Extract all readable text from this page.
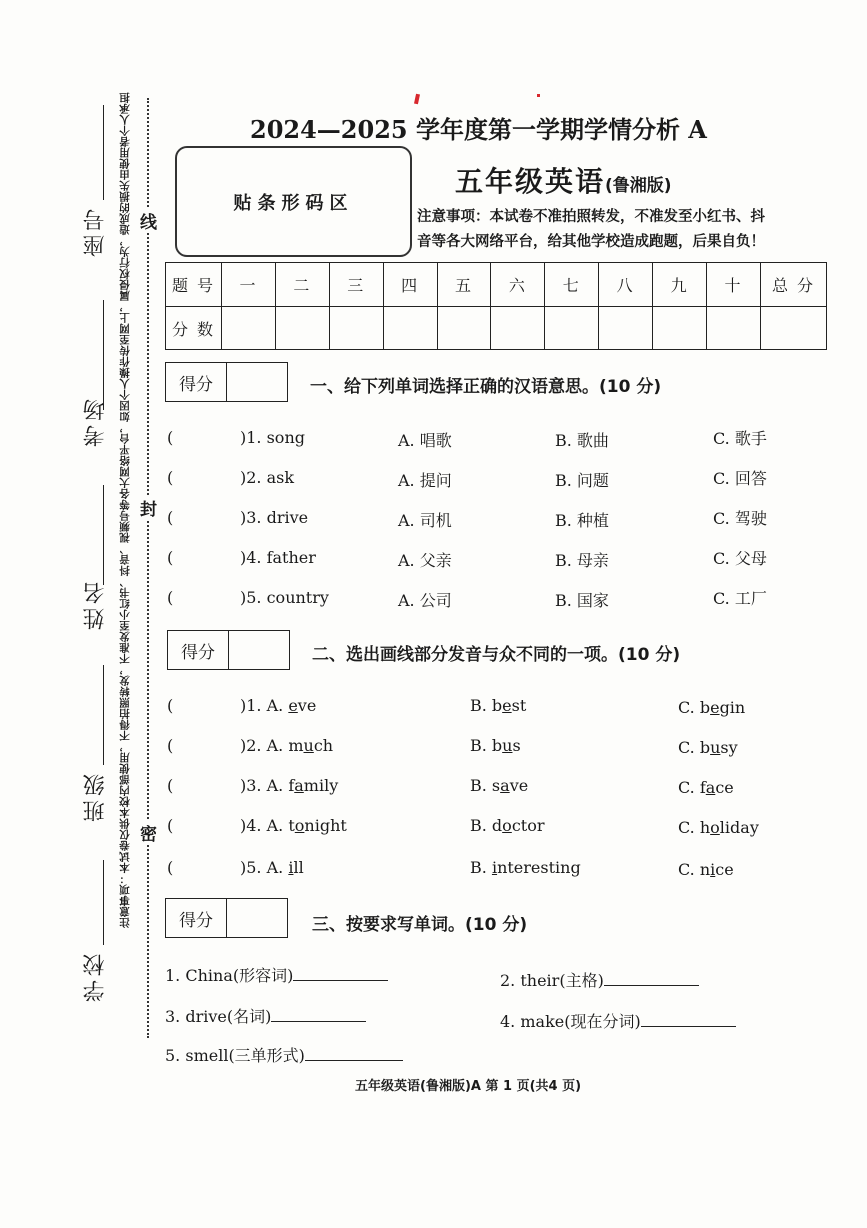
注意事项：本试卷仅供本校内部使用，不得拍照转发，不准发至小红书、抖音、视频号等各大网络平台，如因个人操作传至网上，属侵权行为，造成的损失由使用者个人承担 线
封
密
座号
考场
姓名
班级
学校
2024—2025 学年度第一学期学情分析 A
贴条形码区
五年级英语(鲁湘版)
注意事项：本试卷不准拍照转发，不准发至小红书、抖
音等各大网络平台，给其他学校造成跑题，后果自负！
题 号	一	二	三	四	五	六	七	八	九	十	总 分
分 数											
得分	一、给下列单词选择正确的汉语意思。(10 分)
(	)1. song	A. 唱歌	B. 歌曲	C. 歌手
(	)2. ask	A. 提问	B. 问题	C. 回答
(	)3. drive	A. 司机	B. 种植	C. 驾驶
(	)4. father	A. 父亲	B. 母亲	C. 父母
(	)5. country	A. 公司	B. 国家	C. 工厂
得分	二、选出画线部分发音与众不同的一项。(10 分)
(	)1. A. eve	B. best	C. begin
(	)2. A. much	B. bus	C. busy
(	)3. A. family	B. save	C. face
(	)4. A. tonight	B. doctor	C. holiday
(	)5. A. ill	B. interesting	C. nice
得分	三、按要求写单词。(10 分)
1. China(形容词)	2. their(主格)
3. drive(名词)	4. make(现在分词)
5. smell(三单形式)
五年级英语(鲁湘版)A 第 1 页(共4 页)
